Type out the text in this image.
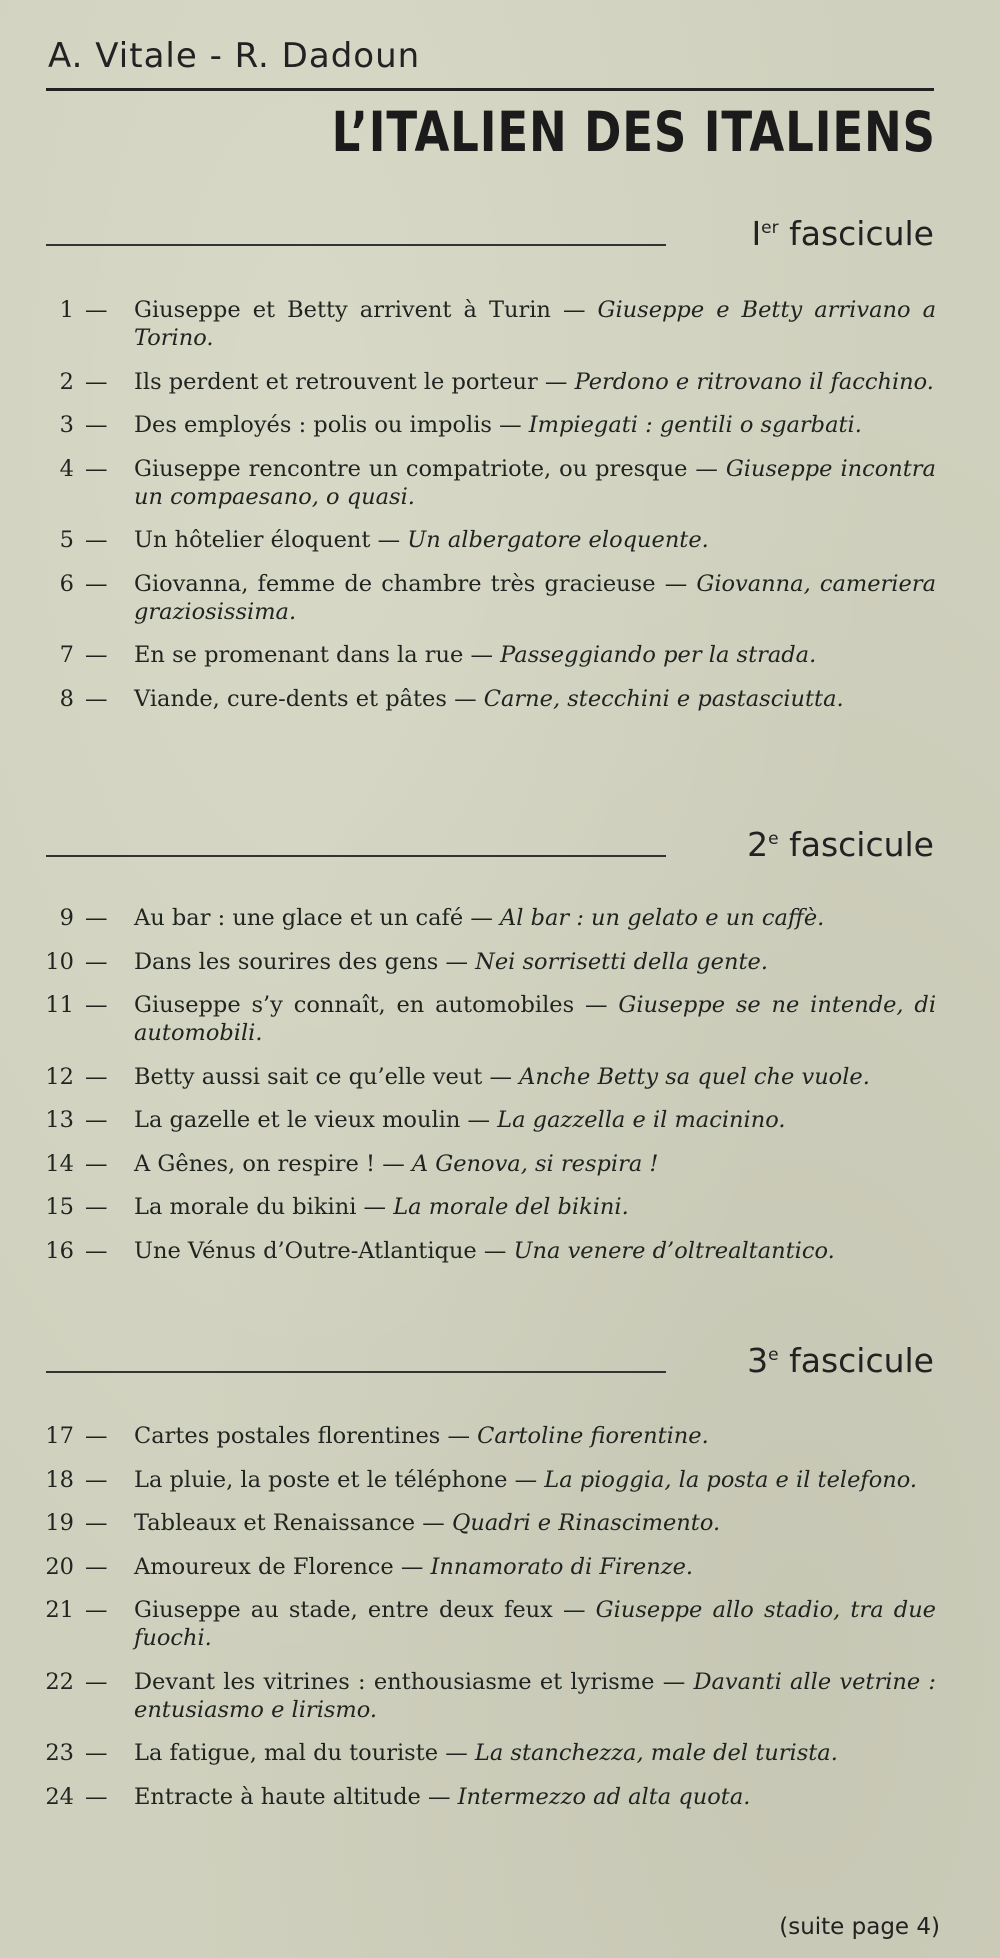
A. Vitale - R. Dadoun
L’ITALIEN DES ITALIENS
Ier fascicule
1 — Giuseppe et Betty arrivent à Turin — Giuseppe e Betty arrivano a Torino.
2 — Ils perdent et retrouvent le porteur — Perdono e ritrovano il facchino.
3 — Des employés : polis ou impolis — Impiegati : gentili o sgarbati.
4 — Giuseppe rencontre un compatriote, ou presque — Giuseppe incontra un compaesano, o quasi.
5 — Un hôtelier éloquent — Un albergatore eloquente.
6 — Giovanna, femme de chambre très gracieuse — Giovanna, cameriera graziosissima.
7 — En se promenant dans la rue — Passeggiando per la strada.
8 — Viande, cure-dents et pâtes — Carne, stecchini e pastasciutta.
2e fascicule
9 — Au bar : une glace et un café — Al bar : un gelato e un caffè.
10 — Dans les sourires des gens — Nei sorrisetti della gente.
11 — Giuseppe s’y connaît, en automobiles — Giuseppe se ne intende, di automobili.
12 — Betty aussi sait ce qu’elle veut — Anche Betty sa quel che vuole.
13 — La gazelle et le vieux moulin — La gazzella e il macinino.
14 — A Gênes, on respire ! — A Genova, si respira !
15 — La morale du bikini — La morale del bikini.
16 — Une Vénus d’Outre-Atlantique — Una venere d’oltrealtantico.
3e fascicule
17 — Cartes postales florentines — Cartoline fiorentine.
18 — La pluie, la poste et le téléphone — La pioggia, la posta e il telefono.
19 — Tableaux et Renaissance — Quadri e Rinascimento.
20 — Amoureux de Florence — Innamorato di Firenze.
21 — Giuseppe au stade, entre deux feux — Giuseppe allo stadio, tra due fuochi.
22 — Devant les vitrines : enthousiasme et lyrisme — Davanti alle vetrine : entusiasmo e lirismo.
23 — La fatigue, mal du touriste — La stanchezza, male del turista.
24 — Entracte à haute altitude — Intermezzo ad alta quota.
(suite page 4)
